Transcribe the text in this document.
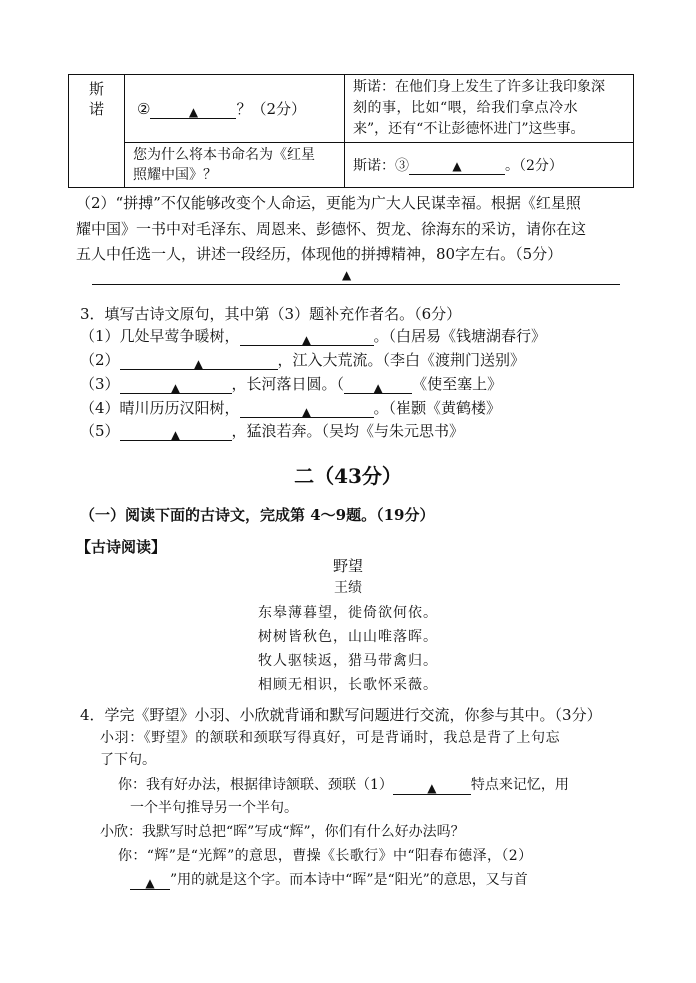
斯诺	② ▲ ？（2分）	斯诺：在他们身上发生了许多让我印象深
刻的事，比如“喂，给我们拿点冷水
来”，还有“不让彭德怀进门”这些事。

	您为什么将本书命名为《红星
照耀中国》？	斯诺：③ ▲ 。（2分）
（2）“拼搏”不仅能够改变个人命运，更能为广大人民谋幸福。根据《红星照
耀中国》一书中对毛泽东、周恩来、彭德怀、贺龙、徐海东的采访，请你在这
五人中任选一人，讲述一段经历，体现他的拼搏精神，80字左右。（5分）
▲
3．填写古诗文原句，其中第（3）题补充作者名。（6分）
（1）几处早莺争暖树，	▲	。（白居易《钱塘湖春行》
（2）	▲	，江入大荒流。（李白《渡荆门送别》
（3）	▲	，长河落日圆。（ ▲ 《使至塞上》
（4）晴川历历汉阳树，	▲	。（崔颢《黄鹤楼》
（5）	▲	，猛浪若奔。（吴均《与朱元思书》
二（43分）
（一）阅读下面的古诗文，完成第 4～9题。（19分）
【古诗阅读】
野望
王绩
东皋薄暮望，徙倚欲何依。
树树皆秋色，山山唯落晖。
牧人驱犊返，猎马带禽归。
相顾无相识，长歌怀采薇。
4．学完《野望》小羽、小欣就背诵和默写问题进行交流，你参与其中。（3分）
小羽：《野望》的颔联和颈联写得真好，可是背诵时，我总是背了上句忘
了下句。
你：我有好办法，根据律诗颔联、颈联（1）	▲ 特点来记忆，用
一个半句推导另一个半句。
小欣：我默写时总把“晖”写成“辉”，你们有什么好办法吗？
你：“辉”是“光辉”的意思，曹操《长歌行》中“阳春布德泽，（2）
▲ ”用的就是这个字。而本诗中“晖”是“阳光”的意思，又与首
